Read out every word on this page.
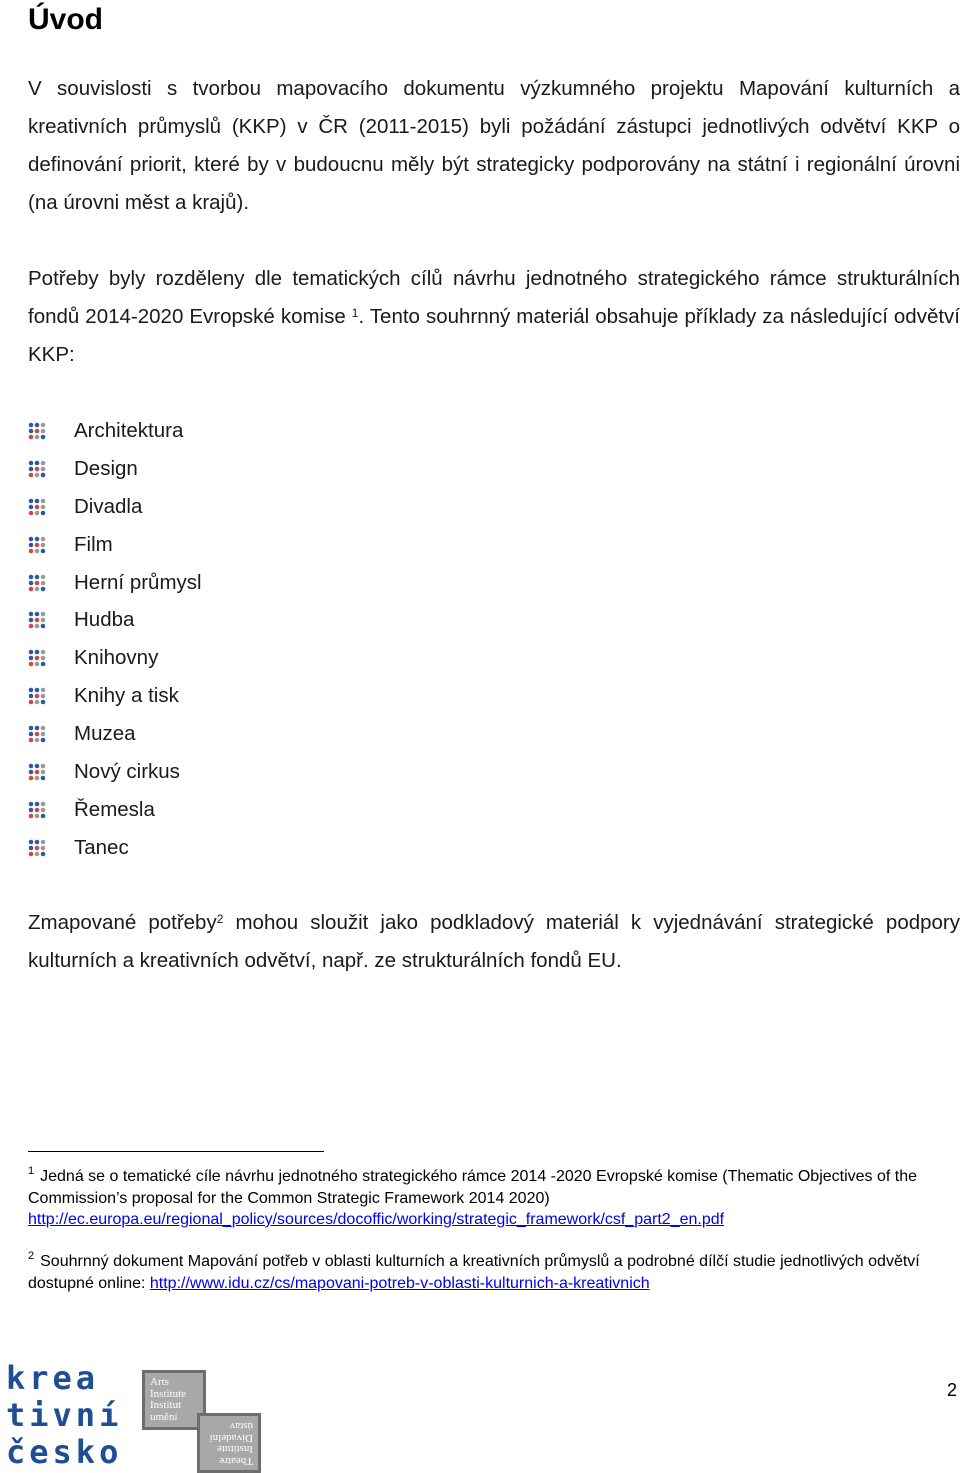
Úvod

V souvislosti s tvorbou mapovacího dokumentu výzkumného projektu Mapování kulturních a kreativních průmyslů (KKP) v ČR (2011-2015) byli požádání zástupci jednotlivých odvětví KKP o definování priorit, které by v budoucnu měly být strategicky podporovány na státní i regionální úrovni (na úrovni měst a krajů).

Potřeby byly rozděleny dle tematických cílů návrhu jednotného strategického rámce strukturálních fondů 2014-2020 Evropské komise $^1$. Tento souhrnný materiál obsahuje příklady za následující odvětví KKP:

Architektura
Design
Divadla
Film
Herní průmysl
Hudba
Knihovny
Knihy a tisk
Muzea
Nový cirkus
Řemesla
Tanec

Zmapované potřeby$^2$ mohou sloužit jako podkladový materiál k vyjednávání strategické podpory kulturních a kreativních odvětví, např. ze strukturálních fondů EU.

$^1$ Jedná se o tematické cíle návrhu jednotného strategického rámce 2014 -2020 Evropské komise (Thematic Objectives of the Commission’s proposal for the Common Strategic Framework 2014 2020)
http://ec.europa.eu/regional_policy/sources/docoffic/working/strategic_framework/csf_part2_en.pdf

$^2$ Souhrnný dokument Mapování potřeb v oblasti kulturních a kreativních průmyslů a podrobné dílčí studie jednotlivých odvětví dostupné online: http://www.idu.cz/cs/mapovani-potreb-v-oblasti-kulturnich-a-kreativnich

krea
tivní
česko
Arts
Institute
Institut
umění
Theatre
Institute
Divadelní
ústav
2
